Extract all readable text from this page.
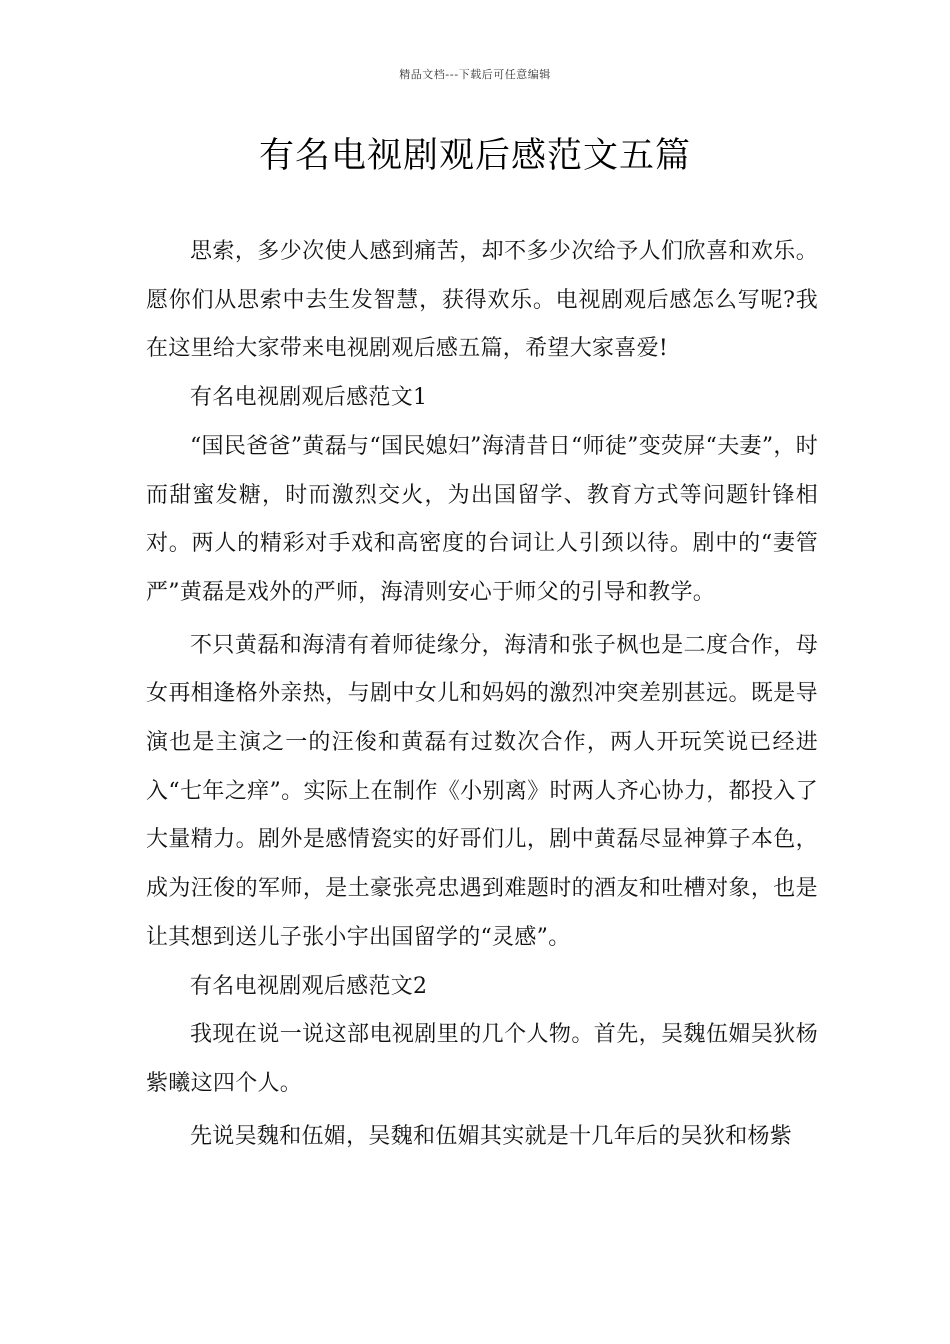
精品文档---下载后可任意编辑
有名电视剧观后感范文五篇

思索，多少次使人感到痛苦，却不多少次给予人们欣喜和欢乐。愿你们从思索中去生发智慧，获得欢乐。电视剧观后感怎么写呢?我在这里给大家带来电视剧观后感五篇，希望大家喜爱!

有名电视剧观后感范文1

“国民爸爸”黄磊与“国民媳妇”海清昔日“师徒”变荧屏“夫妻”，时而甜蜜发糖，时而激烈交火，为出国留学、教育方式等问题针锋相对。两人的精彩对手戏和高密度的台词让人引颈以待。剧中的“妻管严”黄磊是戏外的严师，海清则安心于师父的引导和教学。

不只黄磊和海清有着师徒缘分，海清和张子枫也是二度合作，母女再相逢格外亲热，与剧中女儿和妈妈的激烈冲突差别甚远。既是导演也是主演之一的汪俊和黄磊有过数次合作，两人开玩笑说已经进入“七年之痒”。实际上在制作《小别离》时两人齐心协力，都投入了大量精力。剧外是感情瓷实的好哥们儿，剧中黄磊尽显神算子本色，成为汪俊的军师，是土豪张亮忠遇到难题时的酒友和吐槽对象，也是让其想到送儿子张小宇出国留学的“灵感”。

有名电视剧观后感范文2

我现在说一说这部电视剧里的几个人物。首先，吴魏伍媚吴狄杨紫曦这四个人。

先说吴魏和伍媚，吴魏和伍媚其实就是十几年后的吴狄和杨紫
